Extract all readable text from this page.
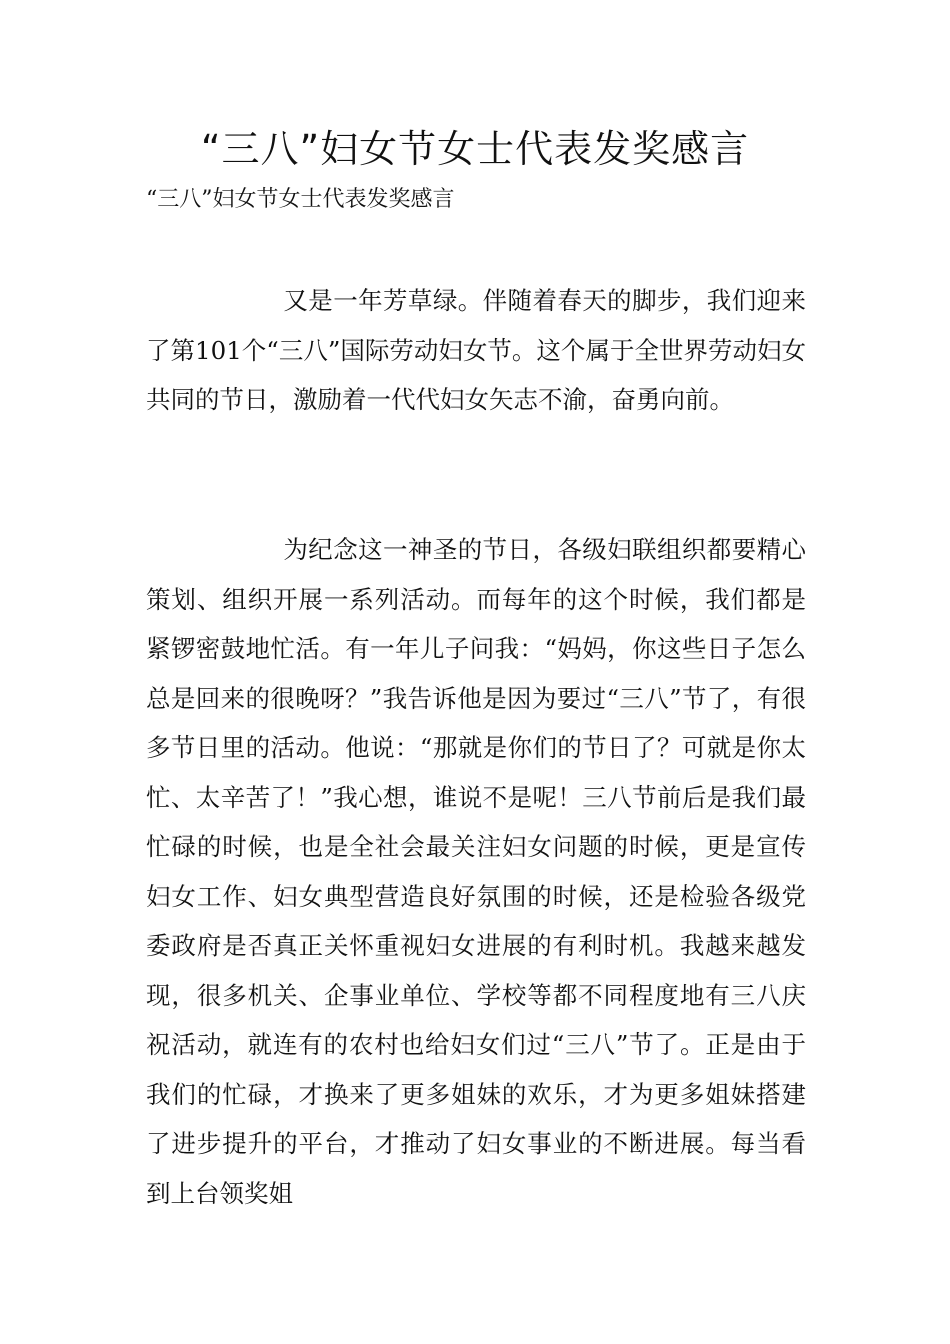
“三八”妇女节女士代表发奖感言
“三八”妇女节女士代表发奖感言

又是一年芳草绿。伴随着春天的脚步，我们迎来了第101个“三八”国际劳动妇女节。这个属于全世界劳动妇女共同的节日，激励着一代代妇女矢志不渝，奋勇向前。

为纪念这一神圣的节日，各级妇联组织都要精心策划、组织开展一系列活动。而每年的这个时候，我们都是紧锣密鼓地忙活。有一年儿子问我：“妈妈，你这些日子怎么总是回来的很晚呀？”我告诉他是因为要过“三八”节了，有很多节日里的活动。他说：“那就是你们的节日了？可就是你太忙、太辛苦了！”我心想，谁说不是呢！三八节前后是我们最忙碌的时候，也是全社会最关注妇女问题的时候，更是宣传妇女工作、妇女典型营造良好氛围的时候，还是检验各级党委政府是否真正关怀重视妇女进展的有利时机。我越来越发现，很多机关、企事业单位、学校等都不同程度地有三八庆祝活动，就连有的农村也给妇女们过“三八”节了。正是由于我们的忙碌，才换来了更多姐妹的欢乐，才为更多姐妹搭建了进步提升的平台，才推动了妇女事业的不断进展。每当看到上台领奖姐
